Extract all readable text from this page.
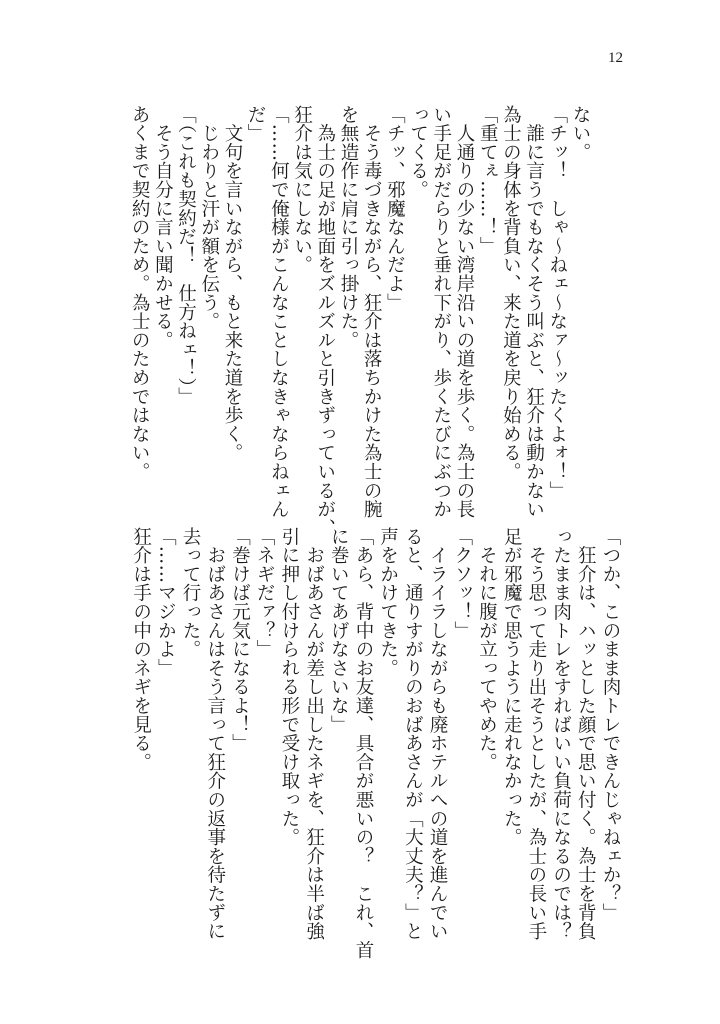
12
ない。
「チッ！　しゃ〜ねェ〜なァ〜ッたくよォ！」
　誰に言うでもなくそう叫ぶと、狂介は動かない
為士の身体を背負い、来た道を戻り始める。
「重てぇ……！」
　人通りの少ない湾岸沿いの道を歩く。為士の長
い手足がだらりと垂れ下がり、歩くたびにぶつか
ってくる。
「チッ、邪魔なんだよ」
　そう毒づきながら、狂介は落ちかけた為士の腕
を無造作に肩に引っ掛けた。
　為士の足が地面をズルズルと引きずっているが、
狂介は気にしない。
「……何で俺様がこんなことしなきゃならねェん
だ」
　文句を言いながら、もと来た道を歩く。
　じわりと汗が額を伝う。
「（これも契約だ！　仕方ねェ！）」
　そう自分に言い聞かせる。
あくまで契約のため。為士のためではない。
「つか、このまま肉トレできんじゃねェか？」
　狂介は、ハッとした顔で思い付く。為士を背負
ったまま肉トレをすればいい負荷になるのでは？
　そう思って走り出そうとしたが、為士の長い手
足が邪魔で思うように走れなかった。
　それに腹が立ってやめた。
「クソッ！」
　イライラしながらも廃ホテルへの道を進んでい
ると、通りすがりのおばあさんが「大丈夫？」と
声をかけてきた。
「あら、背中のお友達、具合が悪いの？　これ、首
に巻いてあげなさいな」
　おばあさんが差し出したネギを、狂介は半ば強
引に押し付けられる形で受け取った。
「ネギだァ？」
「巻けば元気になるよ！」
　おばあさんはそう言って狂介の返事を待たずに
去って行った。
「……マジかよ」
狂介は手の中のネギを見る。
